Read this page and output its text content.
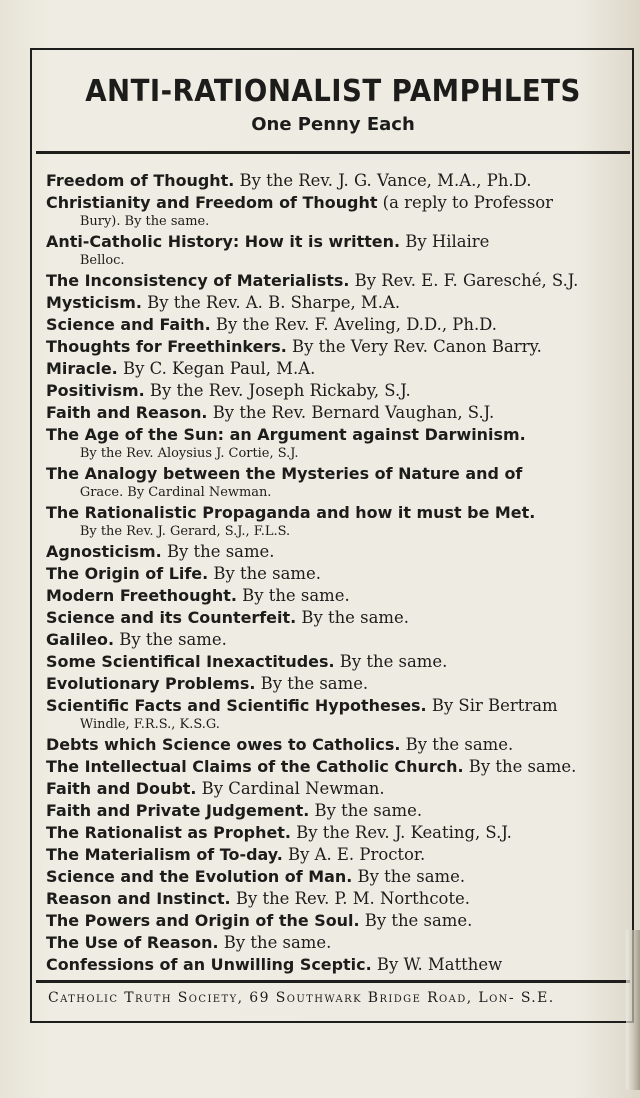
ANTI-RATIONALIST PAMPHLETS
One Penny Each
Freedom of Thought. By the Rev. J. G. Vance, M.A., Ph.D.
Christianity and Freedom of Thought (a reply to Professor
Bury). By the same.
Anti-Catholic History: How it is written. By Hilaire
Belloc.
The Inconsistency of Materialists. By Rev. E. F. Garesché, S.J.
Mysticism. By the Rev. A. B. Sharpe, M.A.
Science and Faith. By the Rev. F. Aveling, D.D., Ph.D.
Thoughts for Freethinkers. By the Very Rev. Canon Barry.
Miracle. By C. Kegan Paul, M.A.
Positivism. By the Rev. Joseph Rickaby, S.J.
Faith and Reason. By the Rev. Bernard Vaughan, S.J.
The Age of the Sun: an Argument against Darwinism.
By the Rev. Aloysius J. Cortie, S.J.
The Analogy between the Mysteries of Nature and of
Grace. By Cardinal Newman.
The Rationalistic Propaganda and how it must be Met.
By the Rev. J. Gerard, S.J., F.L.S.
Agnosticism. By the same.
The Origin of Life. By the same.
Modern Freethought. By the same.
Science and its Counterfeit. By the same.
Galileo. By the same.
Some Scientifical Inexactitudes. By the same.
Evolutionary Problems. By the same.
Scientific Facts and Scientific Hypotheses. By Sir Bertram
Windle, F.R.S., K.S.G.
Debts which Science owes to Catholics. By the same.
The Intellectual Claims of the Catholic Church. By the same.
Faith and Doubt. By Cardinal Newman.
Faith and Private Judgement. By the same.
The Rationalist as Prophet. By the Rev. J. Keating, S.J.
The Materialism of To-day. By A. E. Proctor.
Science and the Evolution of Man. By the same.
Reason and Instinct. By the Rev. P. M. Northcote.
The Powers and Origin of the Soul. By the same.
The Use of Reason. By the same.
Confessions of an Unwilling Sceptic. By W. Matthew
Catholic Truth Society, 69 Southwark Bridge Road, Lon- S.E.
